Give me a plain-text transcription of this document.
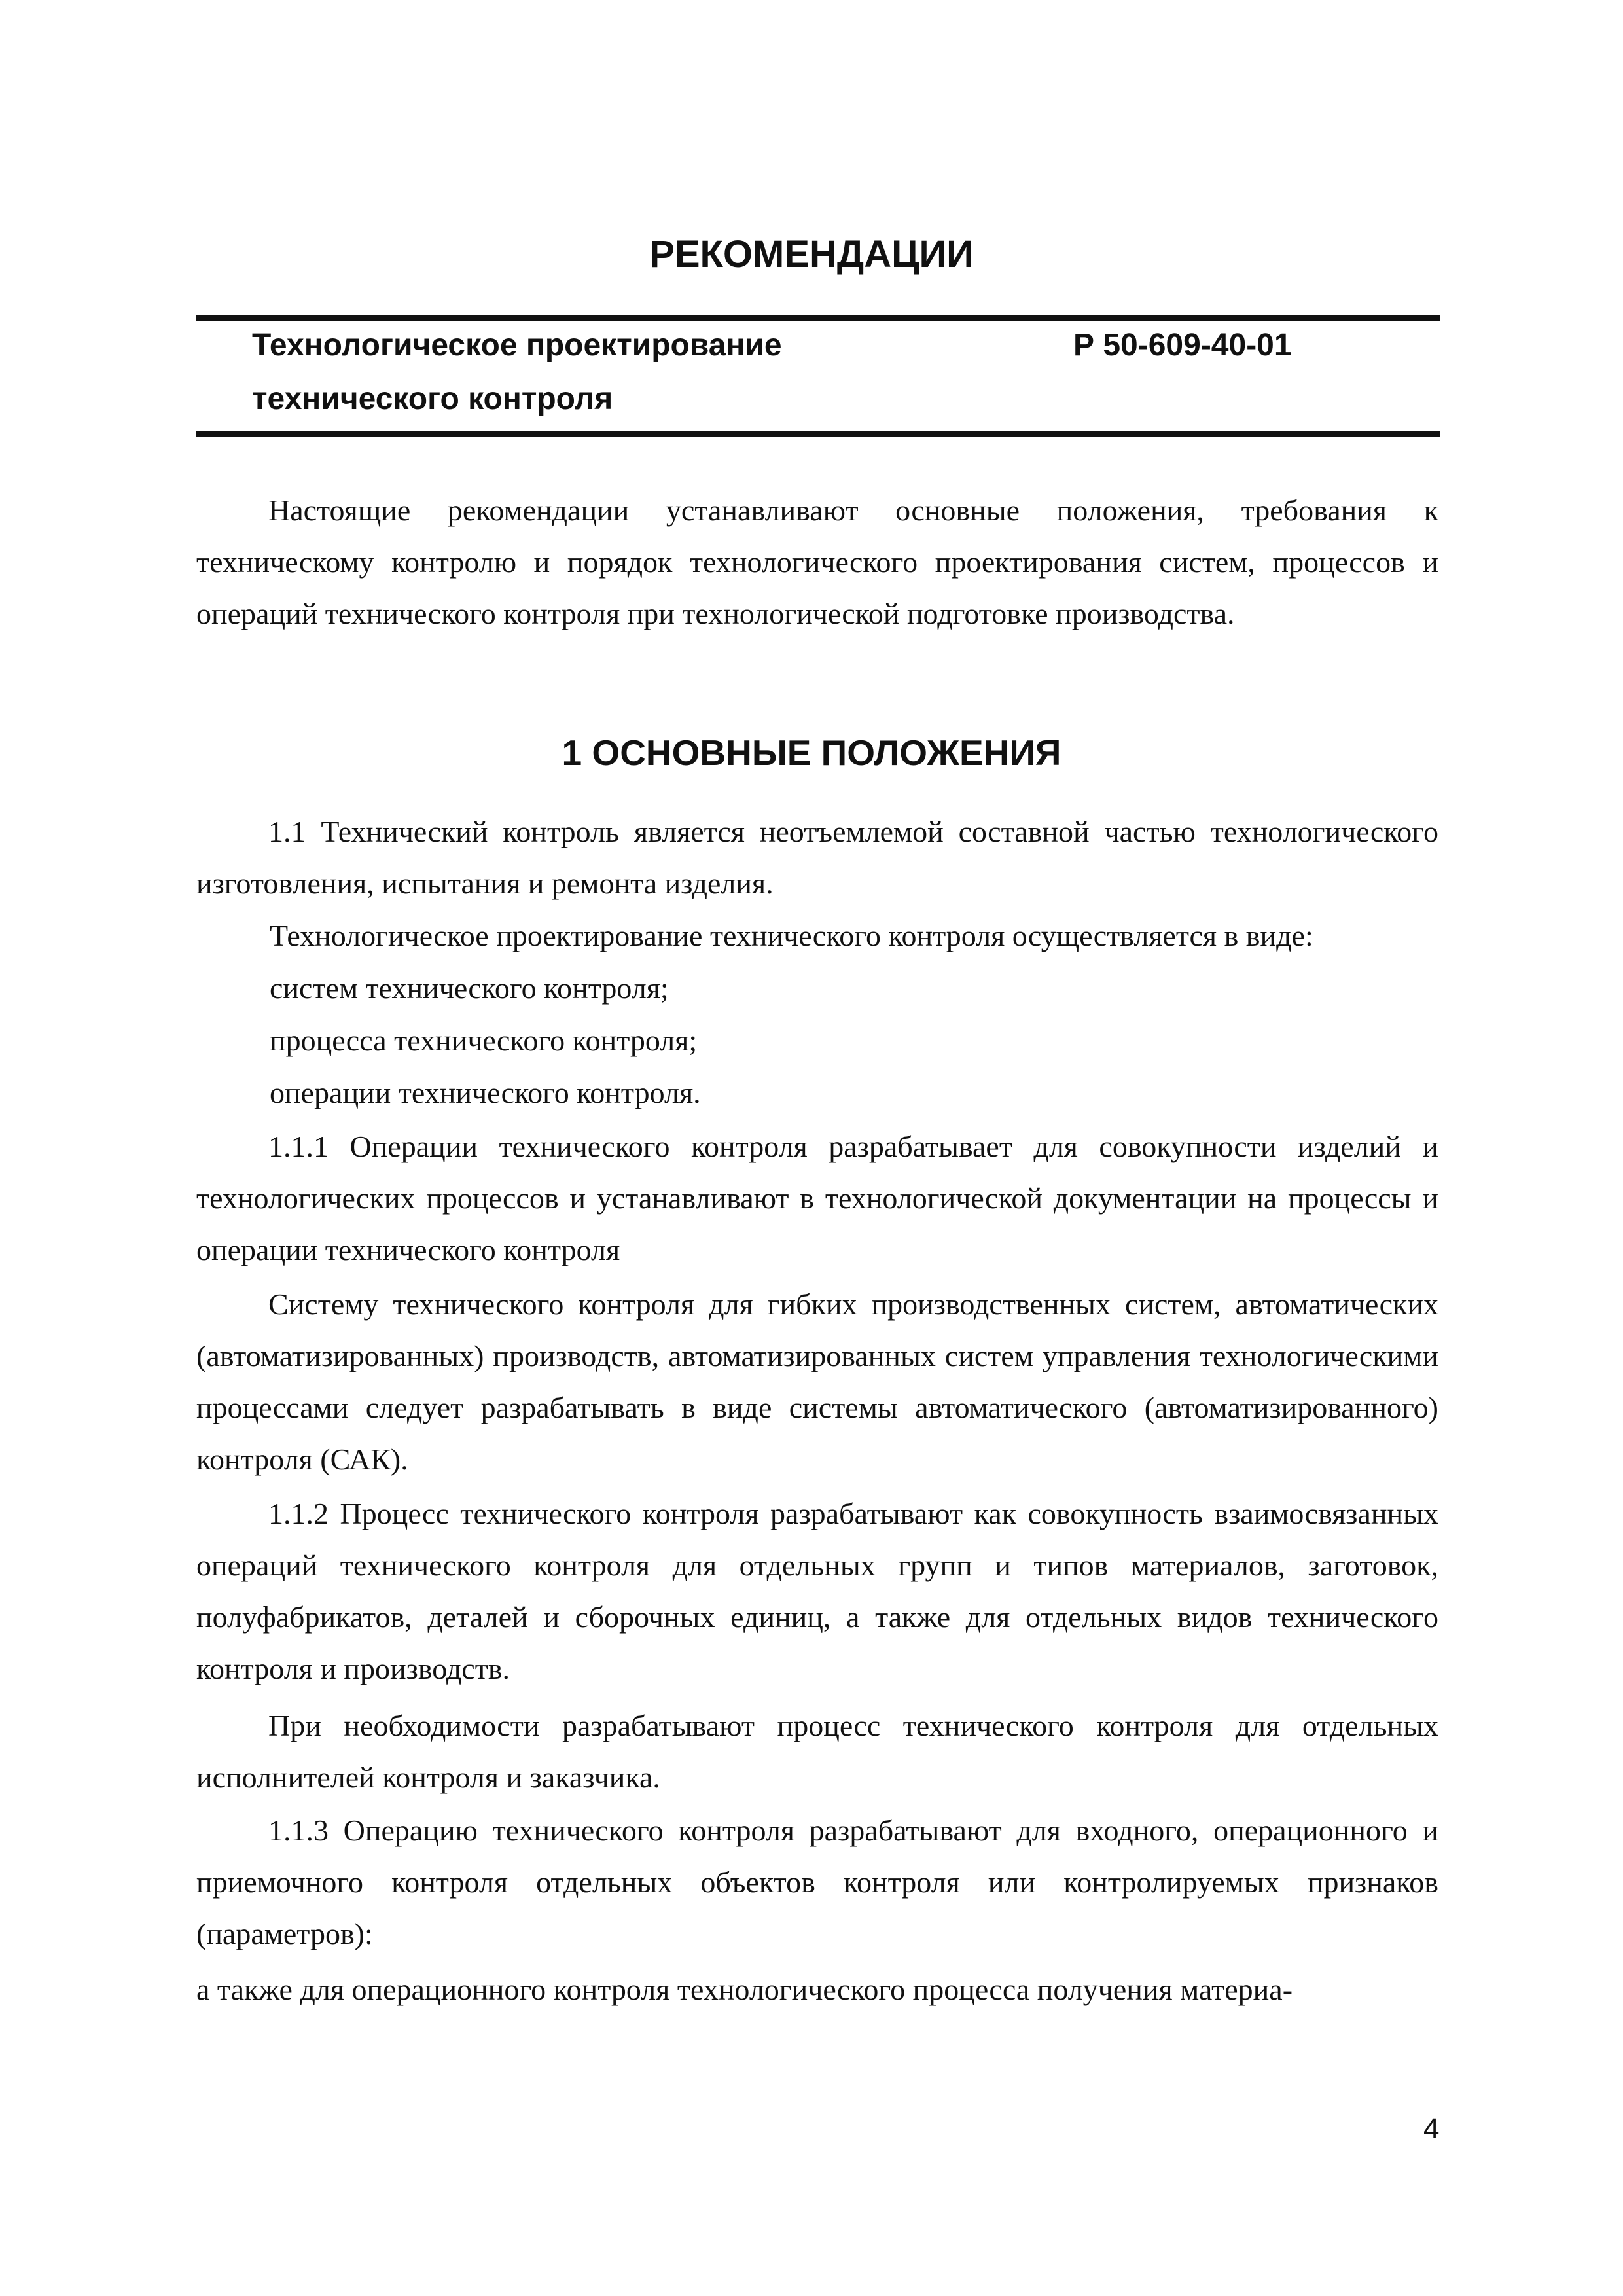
РЕКОМЕНДАЦИИ
Технологическое проектирование	Р 50-609-40-01
технического контроля
Настоящие рекомендации устанавливают основные положения, требования к техническому контролю и порядок технологического проектирования систем, процессов и операций технического контроля при технологической подготовке производства.
1 ОСНОВНЫЕ ПОЛОЖЕНИЯ
1.1 Технический контроль является неотъемлемой составной частью технологического изготовления, испытания и ремонта изделия.
Технологическое проектирование технического контроля осуществляется в виде:
систем технического контроля;
процесса технического контроля;
операции технического контроля.
1.1.1 Операции технического контроля разрабатывает для совокупности изделий и технологических процессов и устанавливают в технологической документации на процессы и операции технического контроля
Систему технического контроля для гибких производственных систем, автоматических (автоматизированных) производств, автоматизированных систем управления технологическими процессами следует разрабатывать в виде системы автоматического (автоматизированного) контроля (САК).
1.1.2 Процесс технического контроля разрабатывают как совокупность взаимосвязанных операций технического контроля для отдельных групп и типов материалов, заготовок, полуфабрикатов, деталей и сборочных единиц, а также для отдельных видов технического контроля и производств.
При необходимости разрабатывают процесс технического контроля для отдельных исполнителей контроля и заказчика.
1.1.3 Операцию технического контроля разрабатывают для входного, операционного и приемочного контроля отдельных объектов контроля или контролируемых признаков (параметров):
а также для операционного контроля технологического процесса получения материа-
4
